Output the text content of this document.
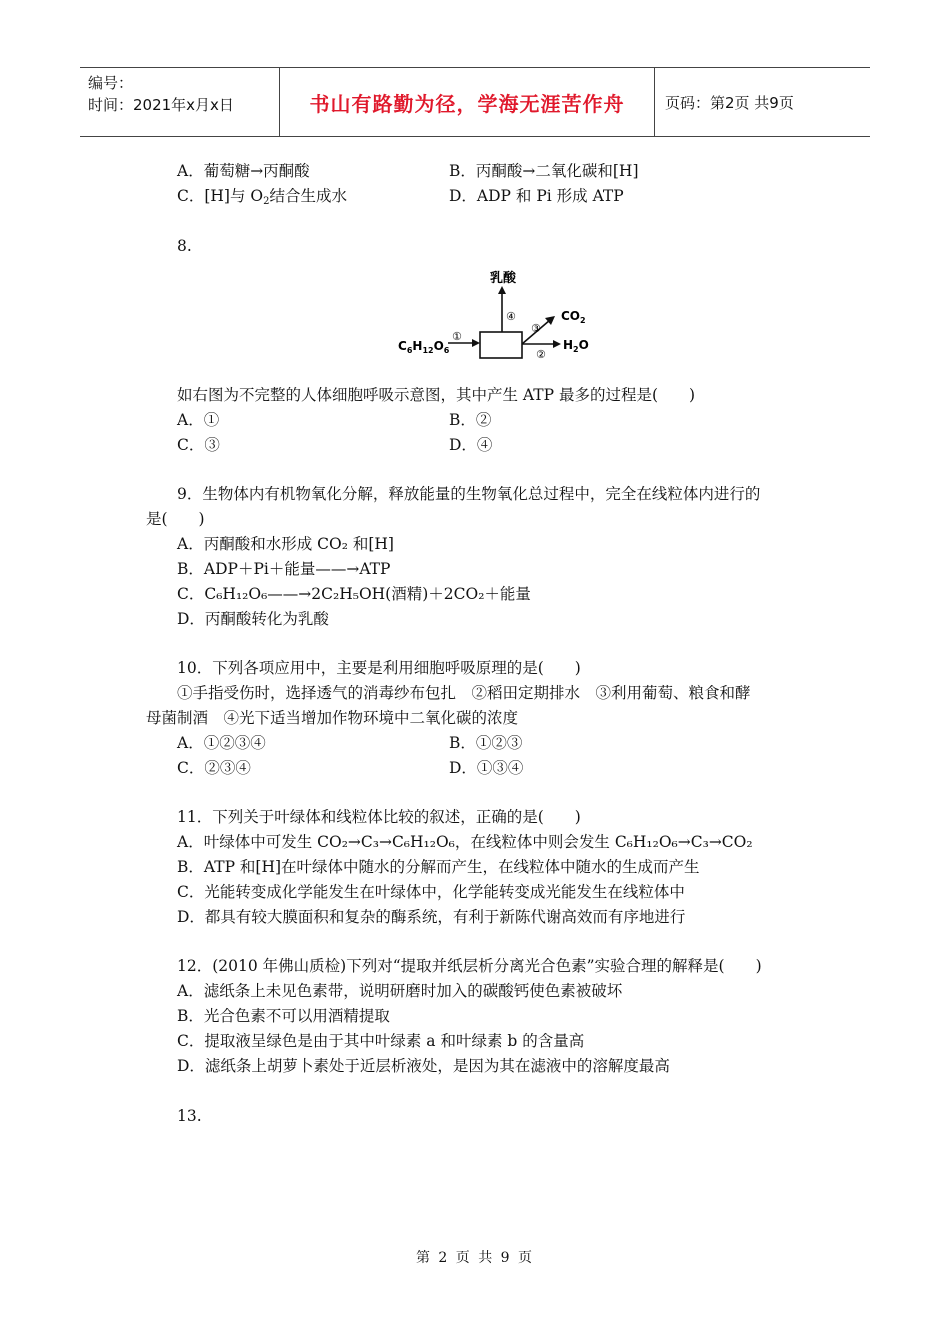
编号：
时间：2021年x月x日	书山有路勤为径，学海无涯苦作舟	页码：第2页 共9页
A．葡萄糖→丙酮酸	B．丙酮酸→二氧化碳和[H]
C．[H]与 $O_2$结合生成水	D．ADP 和 Pi 形成 ATP
8.
乳酸
④
$C_6H_{12}O_6$
①
②
③
$CO_2$
$H_2O$
如右图为不完整的人体细胞呼吸示意图，其中产生 ATP 最多的过程是(　　)
A．①	B．②
C．③	D．④
9．生物体内有机物氧化分解，释放能量的生物氧化总过程中，完全在线粒体内进行的
是(　　)
A．丙酮酸和水形成 CO₂ 和[H]
B．ADP＋Pi＋能量——→ATP
C．C₆H₁₂O₆——→2C₂H₅OH(酒精)＋2CO₂＋能量
D．丙酮酸转化为乳酸
10．下列各项应用中，主要是利用细胞呼吸原理的是(　　)
①手指受伤时，选择透气的消毒纱布包扎　②稻田定期排水　③利用葡萄、粮食和酵
母菌制酒　④光下适当增加作物环境中二氧化碳的浓度
A．①②③④	B．①②③
C．②③④	D．①③④
11．下列关于叶绿体和线粒体比较的叙述，正确的是(　　)
A．叶绿体中可发生 CO₂→C₃→C₆H₁₂O₆，在线粒体中则会发生 C₆H₁₂O₆→C₃→CO₂
B．ATP 和[H]在叶绿体中随水的分解而产生，在线粒体中随水的生成而产生
C．光能转变成化学能发生在叶绿体中，化学能转变成光能发生在线粒体中
D．都具有较大膜面积和复杂的酶系统，有利于新陈代谢高效而有序地进行
12．(2010 年佛山质检)下列对“提取并纸层析分离光合色素”实验合理的解释是(　　)
A．滤纸条上未见色素带，说明研磨时加入的碳酸钙使色素被破坏
B．光合色素不可以用酒精提取
C．提取液呈绿色是由于其中叶绿素 a 和叶绿素 b 的含量高
D．滤纸条上胡萝卜素处于近层析液处，是因为其在滤液中的溶解度最高
13.
第 2 页 共 9 页
